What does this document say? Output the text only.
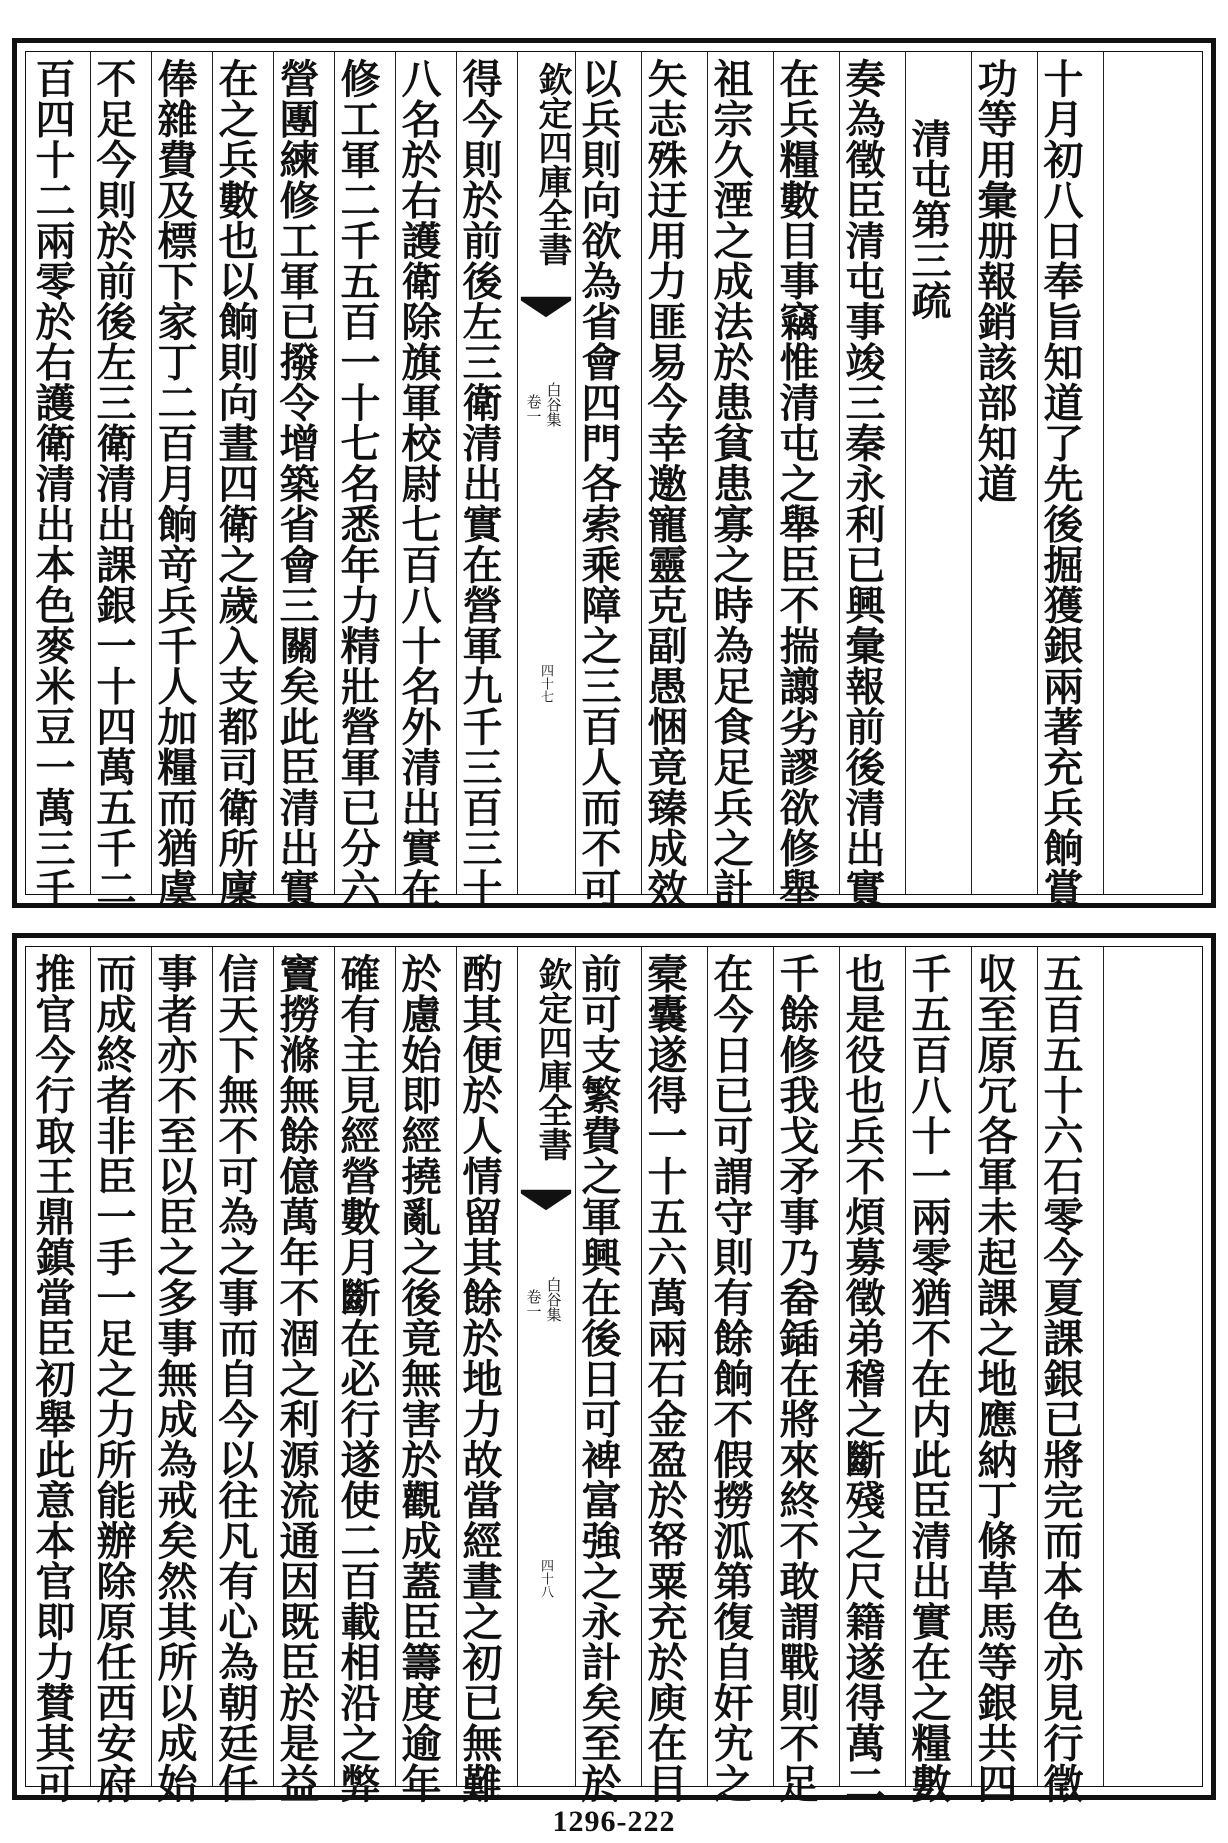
百四十二兩零於右護衛清出本色麥米豆一萬三千 不足今則於前後左三衛清出課銀一十四萬五千二 俸雜費及標下家丁二百月餉竒兵千人加糧而猶虞 在之兵數也以餉則向晝四衛之歲入支都司衛所廩 營團練修工軍已撥令增築省會三關矣此臣清出實 修工軍二千五百一十七名悉年力精壯營軍已分六 八名於右護衛除旗軍校尉七百八十名外清出實在 得今則於前後左三衛清出實在營軍九千三百三十 欽定四庫全書
白谷集
卷一
四十七 以兵則向欲為省會四門各索乘障之三百人而不可 矢志殊迂用力匪易今幸邀寵靈克副愚悃竟臻成效 祖宗久湮之成法於患貧患寡之時為足食足兵之計 在兵糧數目事竊惟清屯之舉臣不揣譾劣謬欲修舉 奏為徵臣清屯事竣三秦永利已興彙報前後清出實 清屯第三疏 功等用彙册報銷該部知道 十月初八日奉旨知道了先後掘獲銀兩著充兵餉賞
推官今行取王鼎鎮當臣初舉此意本官即力賛其可 而成終者非臣一手一足之力所能辦除原任西安府 事者亦不至以臣之多事無成為戒矣然其所以成始 信天下無不可為之事而自今以往凡有心為朝廷任 竇撈滌無餘億萬年不涸之利源流通因既臣於是益 確有主見經營數月斷在必行遂使二百載相沿之弊 於慮始即經撓亂之後竟無害於觀成蓋臣籌度逾年 酌其便於人情留其餘於地力故當經晝之初已無難 欽定四庫全書
白谷集
卷一
四十八 前可支繁費之軍興在後日可裨富強之永計矣至於 槖囊遂得一十五六萬兩石金盈於帑粟充於庾在目 在今日已可謂守則有餘餉不假撈泒第復自奸宄之 千餘修我戈矛事乃畚鍤在將來終不敢謂戰則不足 也是役也兵不煩募徵弟稽之斷殘之尺籍遂得萬二 千五百八十一兩零猶不在内此臣清出實在之糧數 収至原冗各軍未起課之地應納丁條草馬等銀共四 五百五十六石零今夏課銀已將完而本色亦見行徵
1296-222
